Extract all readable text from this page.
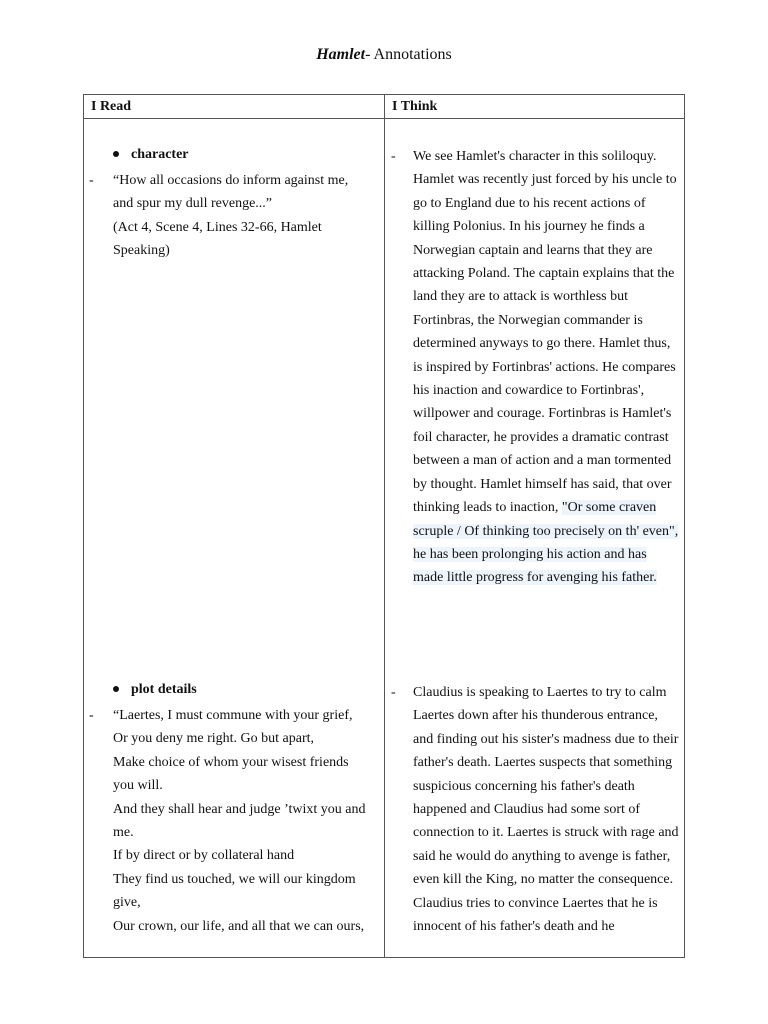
Hamlet- Annotations
I Read	I Think
character
- “How all occasions do inform against me, and spur my dull revenge...”

(Act 4, Scene 4, Lines 32-66, Hamlet Speaking)

- We see Hamlet's character in this soliloquy. Hamlet was recently just forced by his uncle to go to England due to his recent actions of killing Polonius. In his journey he finds a Norwegian captain and learns that they are attacking Poland. The captain explains that the land they are to attack is worthless but Fortinbras, the Norwegian commander is determined anyways to go there. Hamlet thus, is inspired by Fortinbras' actions. He compares his inaction and cowardice to Fortinbras', willpower and courage. Fortinbras is Hamlet's foil character, he provides a dramatic contrast between a man of action and a man tormented by thought. Hamlet himself has said, that over thinking leads to inaction, "Or some craven scruple / Of thinking too precisely on th' even", he has been prolonging his action and has made little progress for avenging his father.

plot details
- “Laertes, I must commune with your grief,

Or you deny me right. Go but apart,

Make choice of whom your wisest friends you will.

And they shall hear and judge ’twixt you and me.

If by direct or by collateral hand

They find us touched, we will our kingdom give,

Our crown, our life, and all that we can ours,

- Claudius is speaking to Laertes to try to calm Laertes down after his thunderous entrance, and finding out his sister's madness due to their father's death. Laertes suspects that something suspicious concerning his father's death happened and Claudius had some sort of connection to it. Laertes is struck with rage and said he would do anything to avenge is father, even kill the King, no matter the consequence. Claudius tries to convince Laertes that he is innocent of his father's death and he
